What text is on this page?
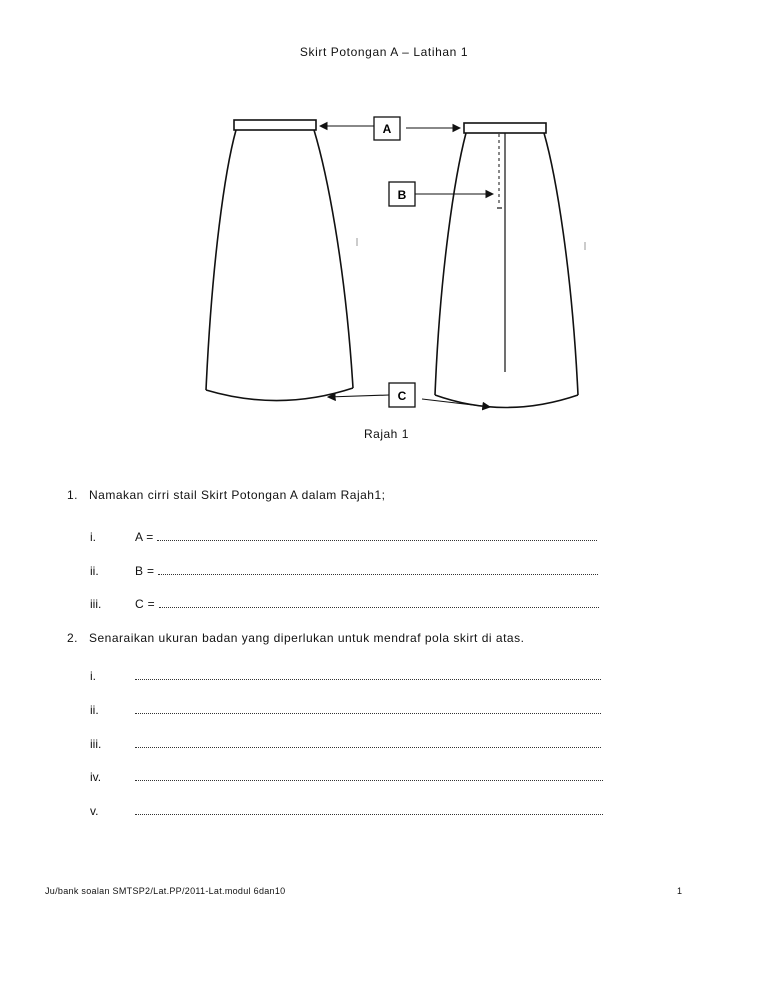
Skirt Potongan A – Latihan 1
A
B
C
Rajah 1
1. Namakan cirri stail Skirt Potongan A dalam Rajah1;
i.	A =
ii.	B =
iii.	C =
2. Senaraikan ukuran badan yang diperlukan untuk mendraf pola skirt di atas.
i.
ii.
iii.
iv.
v.
Ju/bank soalan SMTSP2/Lat.PP/2011-Lat.modul 6dan10	1
